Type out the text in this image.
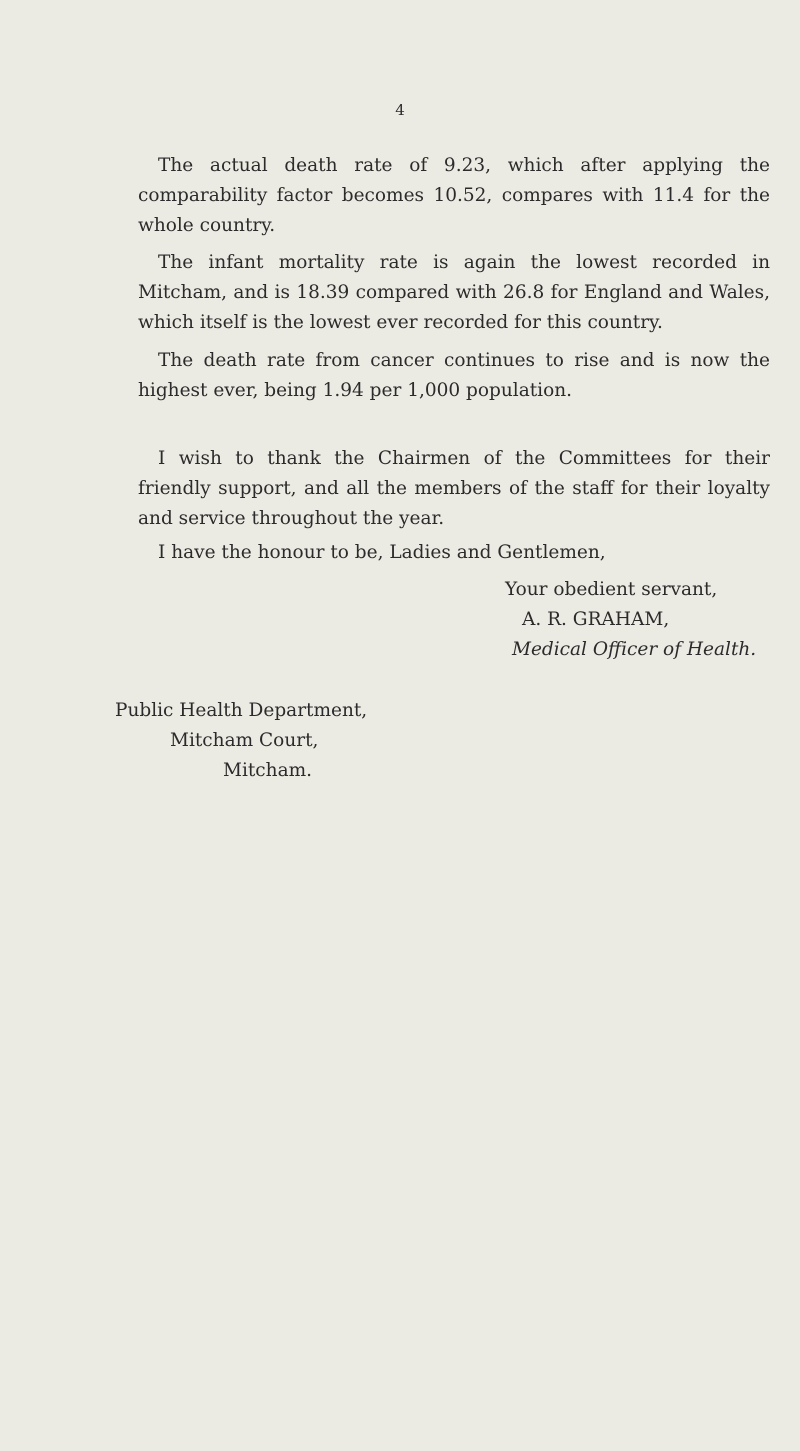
4

The actual death rate of 9.23, which after applying the comparability factor becomes 10.52, compares with 11.4 for the whole country.

The infant mortality rate is again the lowest recorded in Mitcham, and is 18.39 compared with 26.8 for England and Wales, which itself is the lowest ever recorded for this country.

The death rate from cancer continues to rise and is now the highest ever, being 1.94 per 1,000 population.

I wish to thank the Chairmen of the Committees for their friendly support, and all the members of the staff for their loyalty and service throughout the year.

I have the honour to be, Ladies and Gentlemen,
Your obedient servant,
A. R. GRAHAM,
Medical Officer of Health.
Public Health Department,
Mitcham Court,
Mitcham.
